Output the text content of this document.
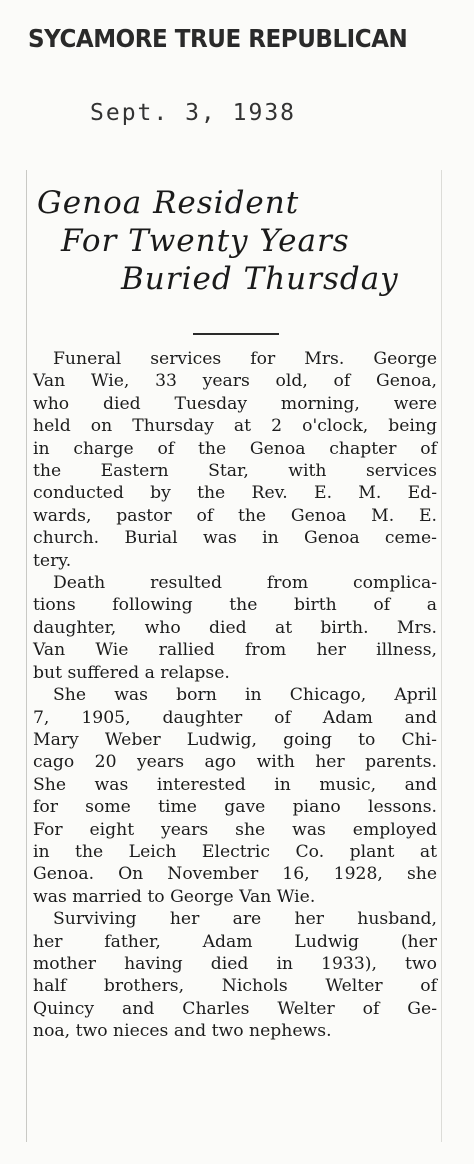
SYCAMORE TRUE REPUBLICAN
Sept. 3, 1938
Genoa Resident
For Twenty Years
Buried Thursday

Funeral services for Mrs. George
Van Wie, 33 years old, of Genoa,
who died Tuesday morning, were
held on Thursday at 2 o'clock, being
in charge of the Genoa chapter of
the Eastern Star, with services
conducted by the Rev. E. M. Ed-
wards, pastor of the Genoa M. E.
church. Burial was in Genoa ceme-
tery.

Death resulted from complica-
tions following the birth of a
daughter, who died at birth. Mrs.
Van Wie rallied from her illness,
but suffered a relapse.

She was born in Chicago, April
7, 1905, daughter of Adam and
Mary Weber Ludwig, going to Chi-
cago 20 years ago with her parents.
She was interested in music, and
for some time gave piano lessons.
For eight years she was employed
in the Leich Electric Co. plant at
Genoa. On November 16, 1928, she
was married to George Van Wie.

Surviving her are her husband,
her father, Adam Ludwig (her
mother having died in 1933), two
half brothers, Nichols Welter of
Quincy and Charles Welter of Ge-
noa, two nieces and two nephews.
